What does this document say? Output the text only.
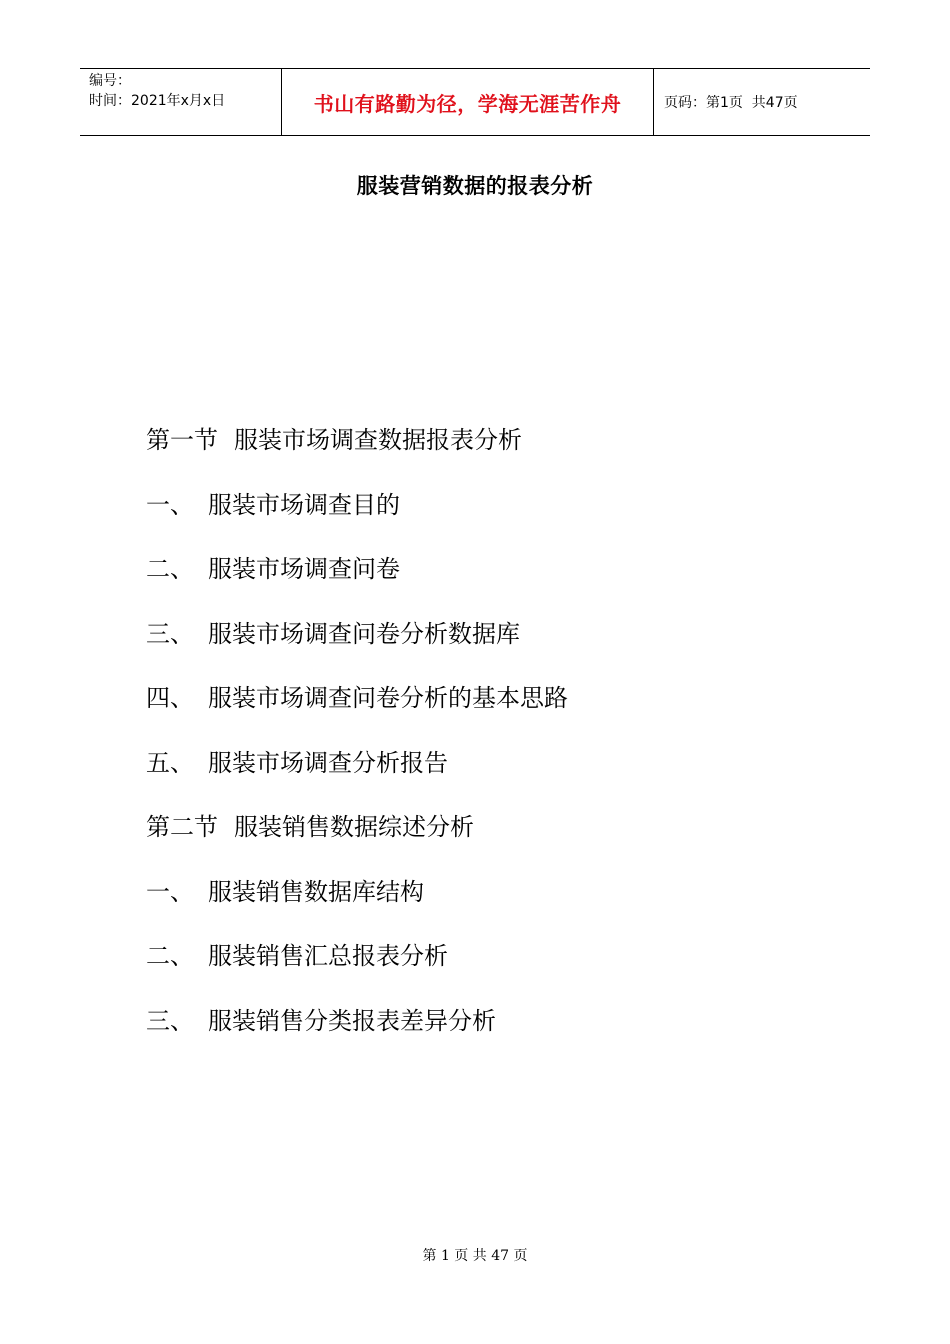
编号：
时间：2021年x月x日	书山有路勤为径，学海无涯苦作舟	页码：第1页  共47页
服装营销数据的报表分析
第一节 服装市场调查数据报表分析
一、 服装市场调查目的
二、 服装市场调查问卷
三、 服装市场调查问卷分析数据库
四、 服装市场调查问卷分析的基本思路
五、 服装市场调查分析报告
第二节 服装销售数据综述分析
一、 服装销售数据库结构
二、 服装销售汇总报表分析
三、 服装销售分类报表差异分析
第 1 页 共 47 页
